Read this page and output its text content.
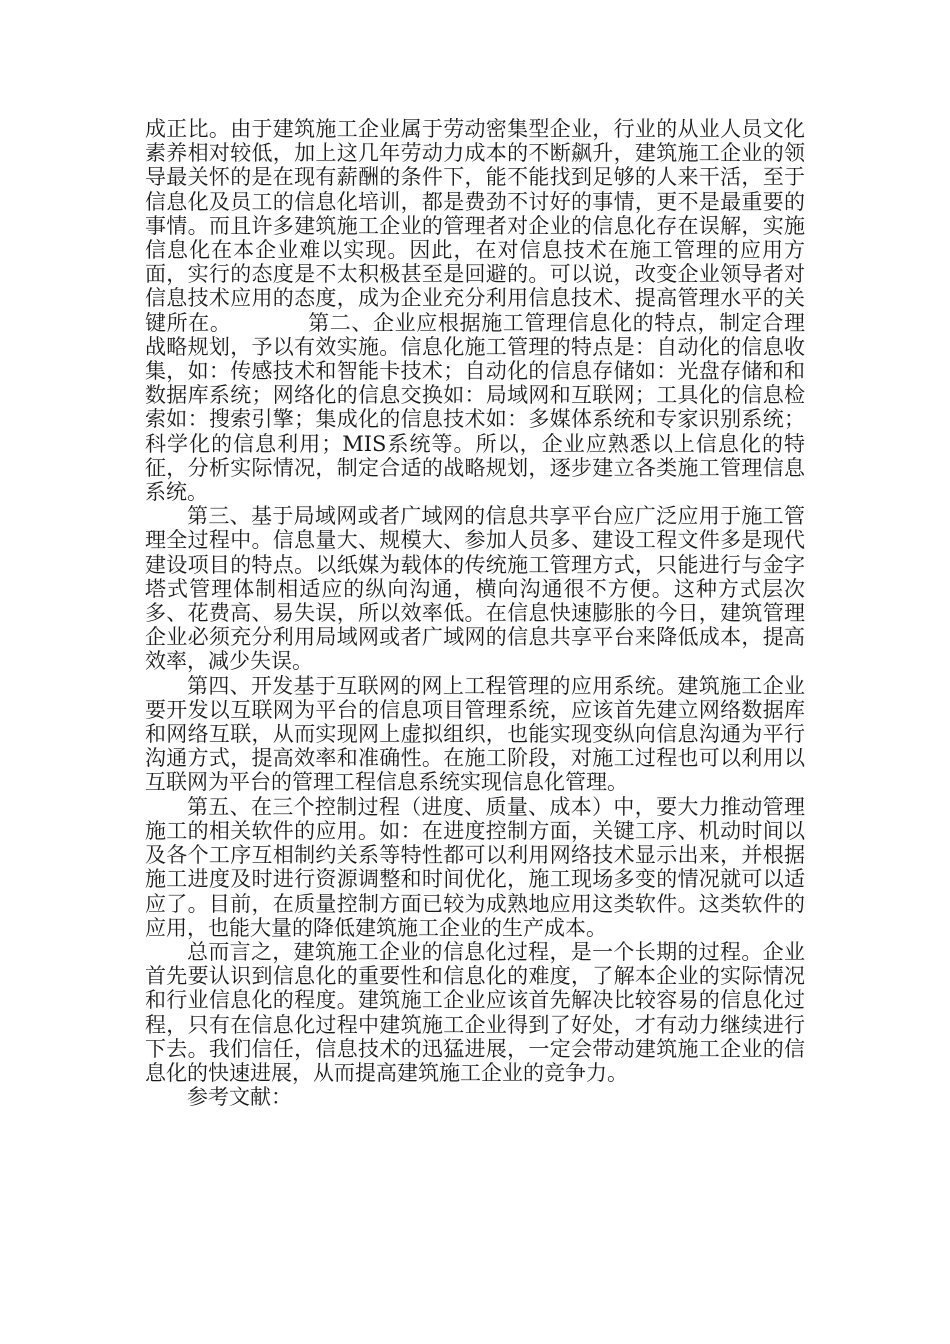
成正比。由于建筑施工企业属于劳动密集型企业，行业的从业人员文化素养相对较低，加上这几年劳动力成本的不断飙升，建筑施工企业的领导最关怀的是在现有薪酬的条件下，能不能找到足够的人来干活，至于信息化及员工的信息化培训，都是费劲不讨好的事情，更不是最重要的事情。而且许多建筑施工企业的管理者对企业的信息化存在误解，实施信息化在本企业难以实现。因此，在对信息技术在施工管理的应用方面，实行的态度是不太积极甚至是回避的。可以说，改变企业领导者对信息技术应用的态度，成为企业充分利用信息技术、提高管理水平的关键所在。	第二、企业应根据施工管理信息化的特点，制定合理战略规划，予以有效实施。信息化施工管理的特点是：自动化的信息收集，如：传感技术和智能卡技术；自动化的信息存储如：光盘存储和和数据库系统；网络化的信息交换如：局域网和互联网；工具化的信息检索如：搜索引擎；集成化的信息技术如：多媒体系统和专家识别系统；科学化的信息利用；MIS系统等。所以，企业应熟悉以上信息化的特征，分析实际情况，制定合适的战略规划，逐步建立各类施工管理信息系统。

第三、基于局域网或者广域网的信息共享平台应广泛应用于施工管理全过程中。信息量大、规模大、参加人员多、建设工程文件多是现代建设项目的特点。以纸媒为载体的传统施工管理方式，只能进行与金字塔式管理体制相适应的纵向沟通，横向沟通很不方便。这种方式层次多、花费高、易失误，所以效率低。在信息快速膨胀的今日，建筑管理企业必须充分利用局域网或者广域网的信息共享平台来降低成本，提高效率，减少失误。

第四、开发基于互联网的网上工程管理的应用系统。建筑施工企业要开发以互联网为平台的信息项目管理系统，应该首先建立网络数据库和网络互联，从而实现网上虚拟组织，也能实现变纵向信息沟通为平行沟通方式，提高效率和准确性。在施工阶段，对施工过程也可以利用以互联网为平台的管理工程信息系统实现信息化管理。

第五、在三个控制过程（进度、质量、成本）中，要大力推动管理施工的相关软件的应用。如：在进度控制方面，关键工序、机动时间以及各个工序互相制约关系等特性都可以利用网络技术显示出来，并根据施工进度及时进行资源调整和时间优化，施工现场多变的情况就可以适应了。目前，在质量控制方面已较为成熟地应用这类软件。这类软件的应用，也能大量的降低建筑施工企业的生产成本。

总而言之，建筑施工企业的信息化过程，是一个长期的过程。企业首先要认识到信息化的重要性和信息化的难度，了解本企业的实际情况和行业信息化的程度。建筑施工企业应该首先解决比较容易的信息化过程，只有在信息化过程中建筑施工企业得到了好处，才有动力继续进行下去。我们信任，信息技术的迅猛进展，一定会带动建筑施工企业的信息化的快速进展，从而提高建筑施工企业的竞争力。

参考文献：
